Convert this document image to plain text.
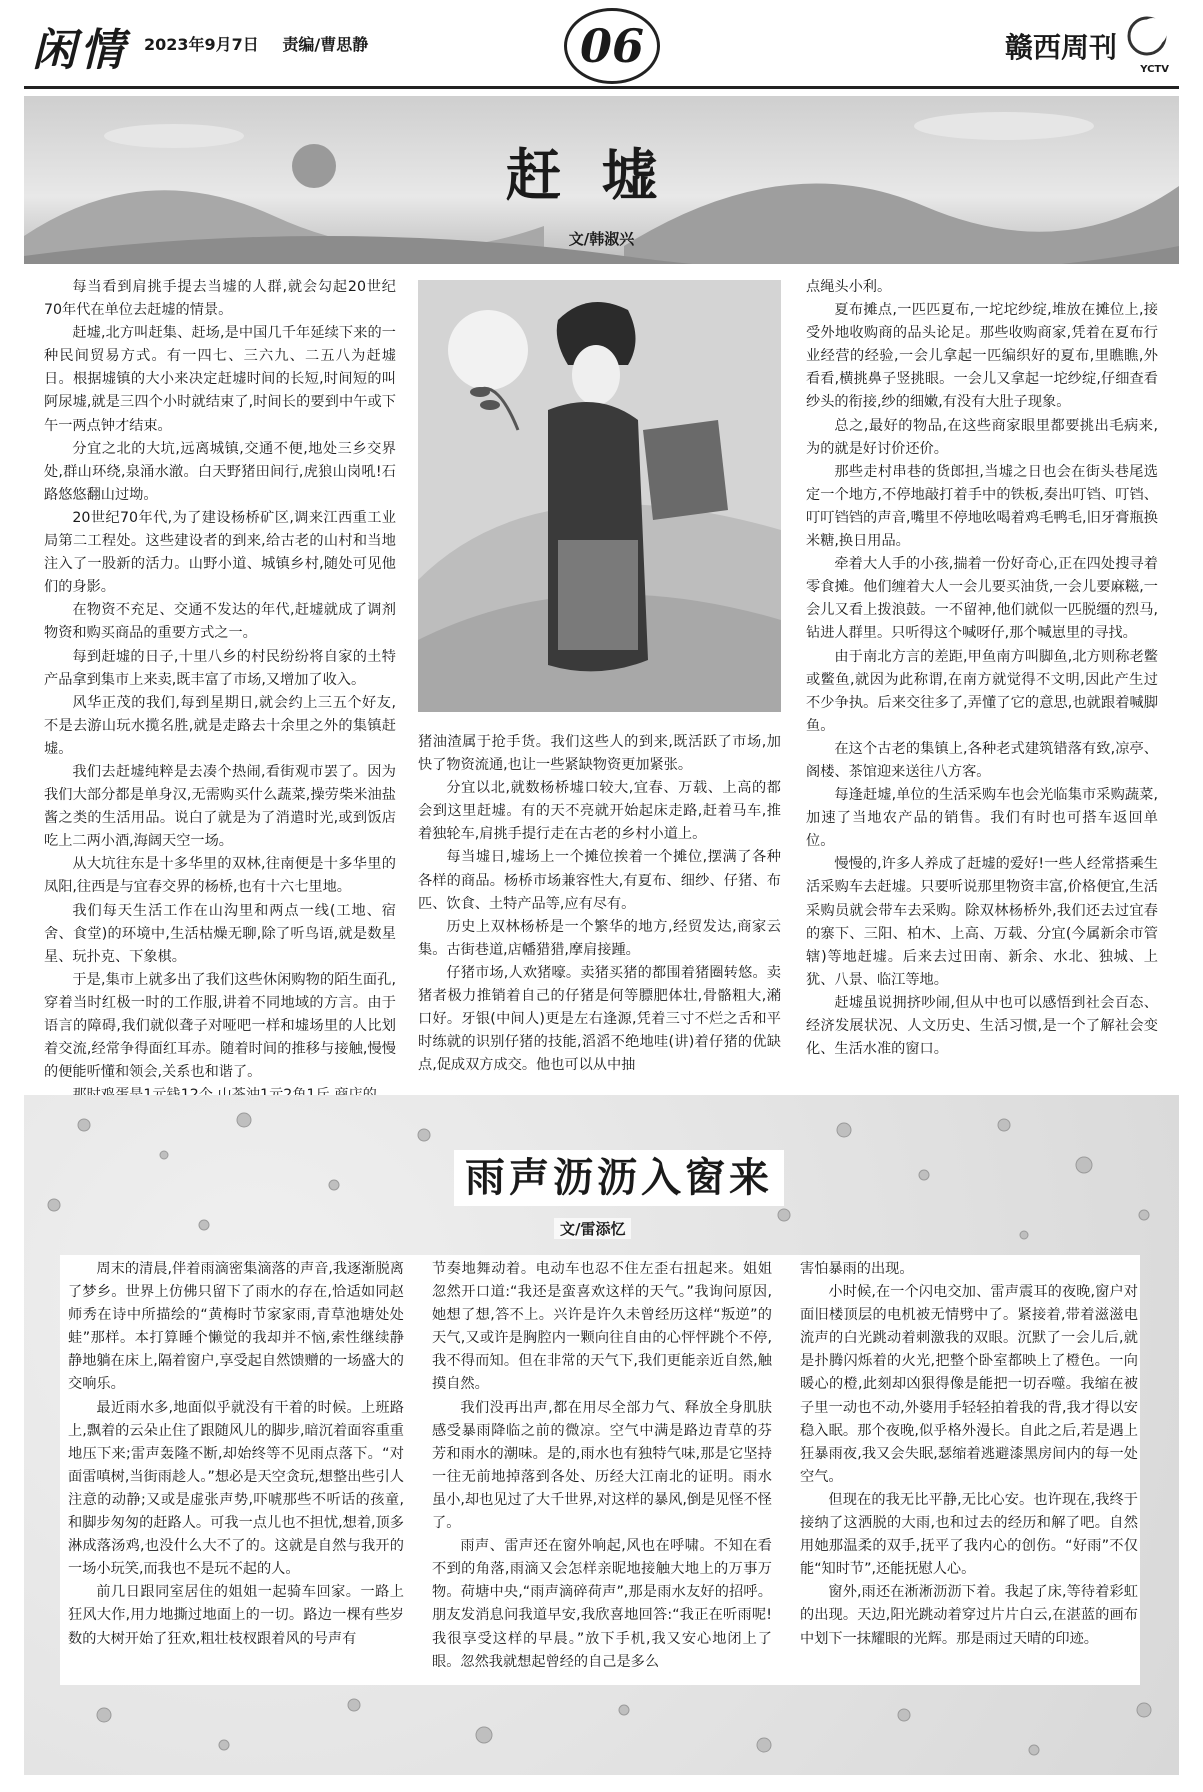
闲情 2023年9月7日 责编/曹思静	06	赣西周刊
YCTV
赶墟
文/韩淑兴

每当看到肩挑手提去当墟的人群,就会勾起20世纪70年代在单位去赶墟的情景。

赶墟,北方叫赶集、赶场,是中国几千年延续下来的一种民间贸易方式。有一四七、三六九、二五八为赶墟日。根据墟镇的大小来决定赶墟时间的长短,时间短的叫阿尿墟,就是三四个小时就结束了,时间长的要到中午或下午一两点钟才结束。

分宜之北的大坑,远离城镇,交通不便,地处三乡交界处,群山环绕,泉涌水澈。白天野猪田间行,虎狼山岗吼!石路悠悠翻山过坳。

20世纪70年代,为了建设杨桥矿区,调来江西重工业局第二工程处。这些建设者的到来,给古老的山村和当地注入了一股新的活力。山野小道、城镇乡村,随处可见他们的身影。

在物资不充足、交通不发达的年代,赶墟就成了调剂物资和购买商品的重要方式之一。

每到赶墟的日子,十里八乡的村民纷纷将自家的土特产品拿到集市上来卖,既丰富了市场,又增加了收入。

风华正茂的我们,每到星期日,就会约上三五个好友,不是去游山玩水揽名胜,就是走路去十余里之外的集镇赶墟。

我们去赶墟纯粹是去凑个热闹,看街观市罢了。因为我们大部分都是单身汉,无需购买什么蔬菜,操劳柴米油盐酱之类的生活用品。说白了就是为了消遣时光,或到饭店吃上二两小酒,海阔天空一场。

从大坑往东是十多华里的双林,往南便是十多华里的凤阳,往西是与宜春交界的杨桥,也有十六七里地。

我们每天生活工作在山沟里和两点一线(工地、宿舍、食堂)的环境中,生活枯燥无聊,除了听鸟语,就是数星星、玩扑克、下象棋。

于是,集市上就多出了我们这些休闲购物的陌生面孔,穿着当时红极一时的工作服,讲着不同地域的方言。由于语言的障碍,我们就似聋子对哑吧一样和墟场里的人比划着交流,经常争得面红耳赤。随着时间的推移与接触,慢慢的便能听懂和领会,关系也和谐了。

猪油渣属于抢手货。我们这些人的到来,既活跃了市场,加快了物资流通,也让一些紧缺物资更加紧张。

分宜以北,就数杨桥墟口较大,宜春、万载、上高的都会到这里赶墟。有的天不亮就开始起床走路,赶着马车,推着独轮车,肩挑手提行走在古老的乡村小道上。

每当墟日,墟场上一个摊位挨着一个摊位,摆满了各种各样的商品。杨桥市场兼容性大,有夏布、细纱、仔猪、布匹、饮食、土特产品等,应有尽有。

历史上双林杨桥是一个繁华的地方,经贸发达,商家云集。古街巷道,店幡猎猎,摩肩接踵。

仔猪市场,人欢猪嚎。卖猪买猪的都围着猪圈转悠。卖猪者极力推销着自己的仔猪是何等膘肥体壮,骨骼粗大,潲口好。牙银(中间人)更是左右逢源,凭着三寸不烂之舌和平时练就的识别仔猪的技能,滔滔不绝地哇(讲)着仔猪的优缺点,促成双方成交。他也可以从中抽

点绳头小利。

夏布摊点,一匹匹夏布,一坨坨纱绽,堆放在摊位上,接受外地收购商的品头论足。那些收购商家,凭着在夏布行业经营的经验,一会儿拿起一匹编织好的夏布,里瞧瞧,外看看,横挑鼻子竖挑眼。一会儿又拿起一坨纱绽,仔细查看纱头的衔接,纱的细嫩,有没有大肚子现象。

总之,最好的物品,在这些商家眼里都要挑出毛病来,为的就是好讨价还价。

那些走村串巷的货郎担,当墟之日也会在街头巷尾选定一个地方,不停地敲打着手中的铁板,奏出叮铛、叮铛、叮叮铛铛的声音,嘴里不停地吆喝着鸡毛鸭毛,旧牙膏瓶换米糖,换日用品。

牵着大人手的小孩,揣着一份好奇心,正在四处搜寻着零食摊。他们缠着大人一会儿要买油货,一会儿要麻糍,一会儿又看上拨浪鼓。一不留神,他们就似一匹脱缰的烈马,钻进人群里。只听得这个喊呀仔,那个喊崽里的寻找。

由于南北方言的差距,甲鱼南方叫脚鱼,北方则称老鳖或鳖鱼,就因为此称谓,在南方就觉得不文明,因此产生过不少争执。后来交往多了,弄懂了它的意思,也就跟着喊脚鱼。

在这个古老的集镇上,各种老式建筑错落有致,凉亭、阁楼、茶馆迎来送往八方客。

每逢赶墟,单位的生活采购车也会光临集市采购蔬菜,加速了当地农产品的销售。我们有时也可搭车返回单位。

慢慢的,许多人养成了赶墟的爱好!一些人经常搭乘生活采购车去赶墟。只要听说那里物资丰富,价格便宜,生活采购员就会带车去采购。除双林杨桥外,我们还去过宜春的寨下、三阳、柏木、上高、万载、分宜(今属新余市管辖)等地赶墟。后来去过田南、新余、水北、独城、上犹、八景、临江等地。

赶墟虽说拥挤吵闹,但从中也可以感悟到社会百态、经济发展状况、人文历史、生活习惯,是一个了解社会变化、生活水准的窗口。

雨声沥沥入窗来
文/雷添忆

周末的清晨,伴着雨滴密集滴落的声音,我逐渐脱离了梦乡。世界上仿佛只留下了雨水的存在,恰适如同赵师秀在诗中所描绘的“黄梅时节家家雨,青草池塘处处蛙”那样。本打算睡个懒觉的我却并不恼,索性继续静静地躺在床上,隔着窗户,享受起自然馈赠的一场盛大的交响乐。

最近雨水多,地面似乎就没有干着的时候。上班路上,飘着的云朵止住了跟随风儿的脚步,暗沉着面容重重地压下来;雷声轰隆不断,却始终等不见雨点落下。“对面雷嗔树,当街雨趁人。”想必是天空贪玩,想整出些引人注意的动静;又或是虚张声势,吓唬那些不听话的孩童,和脚步匆匆的赶路人。可我一点儿也不担忧,想着,顶多淋成落汤鸡,也没什么大不了的。这就是自然与我开的一场小玩笑,而我也不是玩不起的人。

前几日跟同室居住的姐姐一起骑车回家。一路上狂风大作,用力地撕过地面上的一切。路边一棵有些岁数的大树开始了狂欢,粗壮枝杈跟着风的号声有

节奏地舞动着。电动车也忍不住左歪右扭起来。姐姐忽然开口道:“我还是蛮喜欢这样的天气。”我询问原因,她想了想,答不上。兴许是许久未曾经历这样“叛逆”的天气,又或许是胸腔内一颗向往自由的心怦怦跳个不停,我不得而知。但在非常的天气下,我们更能亲近自然,触摸自然。

我们没再出声,都在用尽全部力气、释放全身肌肤感受暴雨降临之前的微凉。空气中满是路边青草的芬芳和雨水的潮味。是的,雨水也有独特气味,那是它坚持一往无前地掉落到各处、历经大江南北的证明。雨水虽小,却也见过了大千世界,对这样的暴风,倒是见怪不怪了。

雨声、雷声还在窗外响起,风也在呼啸。不知在看不到的角落,雨滴又会怎样亲昵地接触大地上的万事万物。荷塘中央,“雨声滴碎荷声”,那是雨水友好的招呼。朋友发消息问我道早安,我欣喜地回答:“我正在听雨呢!我很享受这样的早晨。”放下手机,我又安心地闭上了眼。忽然我就想起曾经的自己是多么

害怕暴雨的出现。

小时候,在一个闪电交加、雷声震耳的夜晚,窗户对面旧楼顶层的电机被无情劈中了。紧接着,带着滋滋电流声的白光跳动着刺激我的双眼。沉默了一会儿后,就是扑腾闪烁着的火光,把整个卧室都映上了橙色。一向暖心的橙,此刻却凶狠得像是能把一切吞噬。我缩在被子里一动也不动,外婆用手轻轻拍着我的背,我才得以安稳入眠。那个夜晚,似乎格外漫长。自此之后,若是遇上狂暴雨夜,我又会失眠,瑟缩着逃避漆黑房间内的每一处空气。

但现在的我无比平静,无比心安。也许现在,我终于接纳了这洒脱的大雨,也和过去的经历和解了吧。自然用她那温柔的双手,抚平了我内心的创伤。“好雨”不仅能“知时节”,还能抚慰人心。

窗外,雨还在淅淅沥沥下着。我起了床,等待着彩虹的出现。天边,阳光跳动着穿过片片白云,在湛蓝的画布中划下一抹耀眼的光辉。那是雨过天晴的印迹。
